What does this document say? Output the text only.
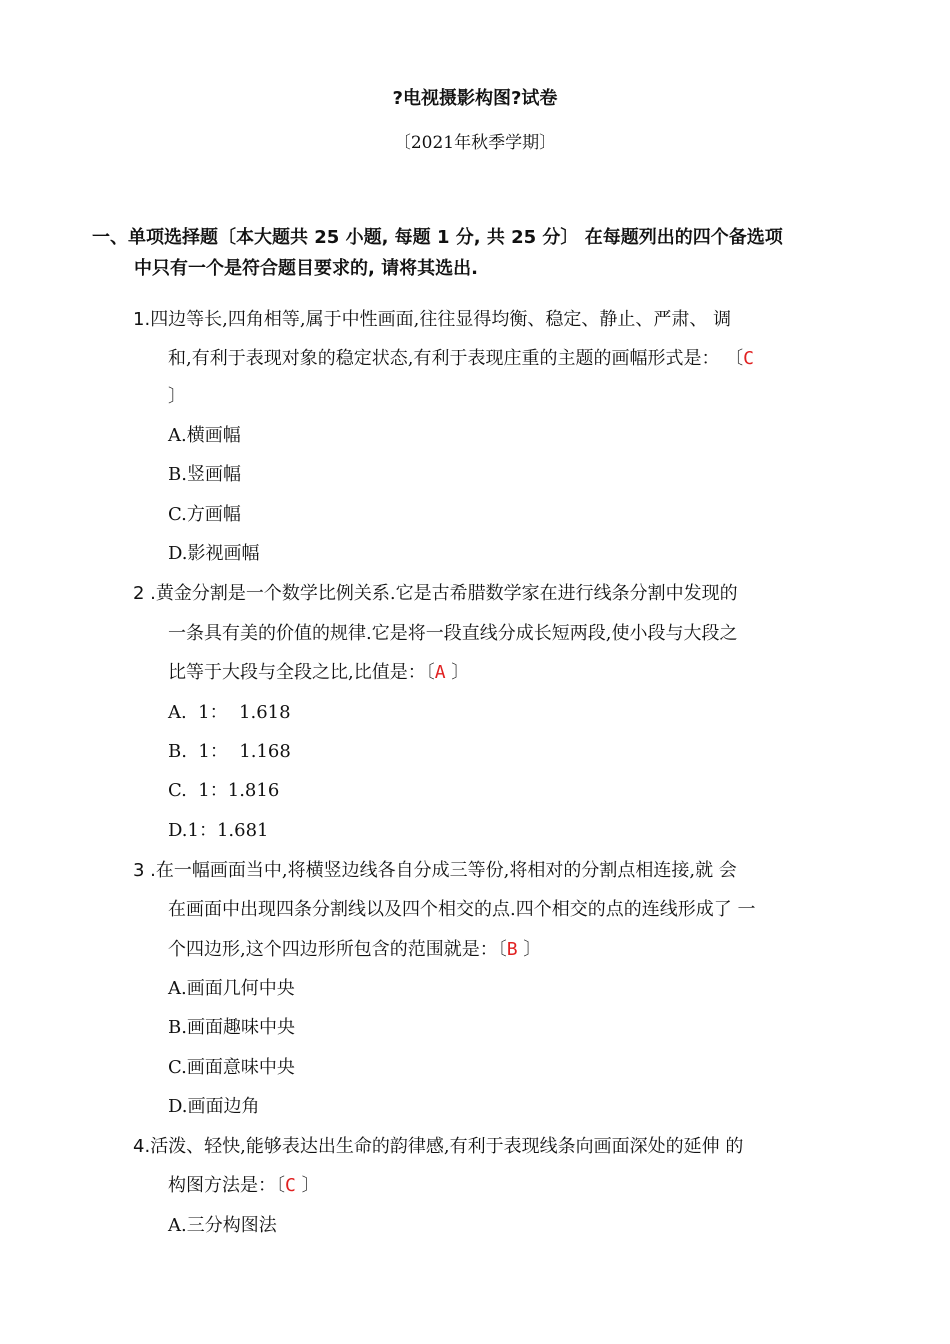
?电视摄影构图?试卷
〔2021年秋季学期〕
一、单项选择题〔本大题共 25 小题, 每题 1 分, 共 25 分〕 在每题列出的四个备选项
中只有一个是符合题目要求的, 请将其选出.
1.四边等长,四角相等,属于中性画面,往往显得均衡、稳定、静止、严肃、 调
和,有利于表现对象的稳定状态,有利于表现庄重的主题的画幅形式是： 〔C
〕
A.横画幅
B.竖画幅
C.方画幅
D.影视画幅
2 .黄金分割是一个数学比例关系.它是古希腊数学家在进行线条分割中发现的
一条具有美的价值的规律.它是将一段直线分成长短两段,使小段与大段之
比等于大段与全段之比,比值是：〔A 〕
A.  1：  1.618
B.  1：  1.168
C.  1：1.816
D.1：1.681
3 .在一幅画面当中,将横竖边线各自分成三等份,将相对的分割点相连接,就 会
在画面中出现四条分割线以及四个相交的点.四个相交的点的连线形成了 一
个四边形,这个四边形所包含的范围就是：〔B 〕
A.画面几何中央
B.画面趣味中央
C.画面意味中央
D.画面边角
4.活泼、轻快,能够表达出生命的韵律感,有利于表现线条向画面深处的延伸 的
构图方法是：〔C 〕
A.三分构图法
